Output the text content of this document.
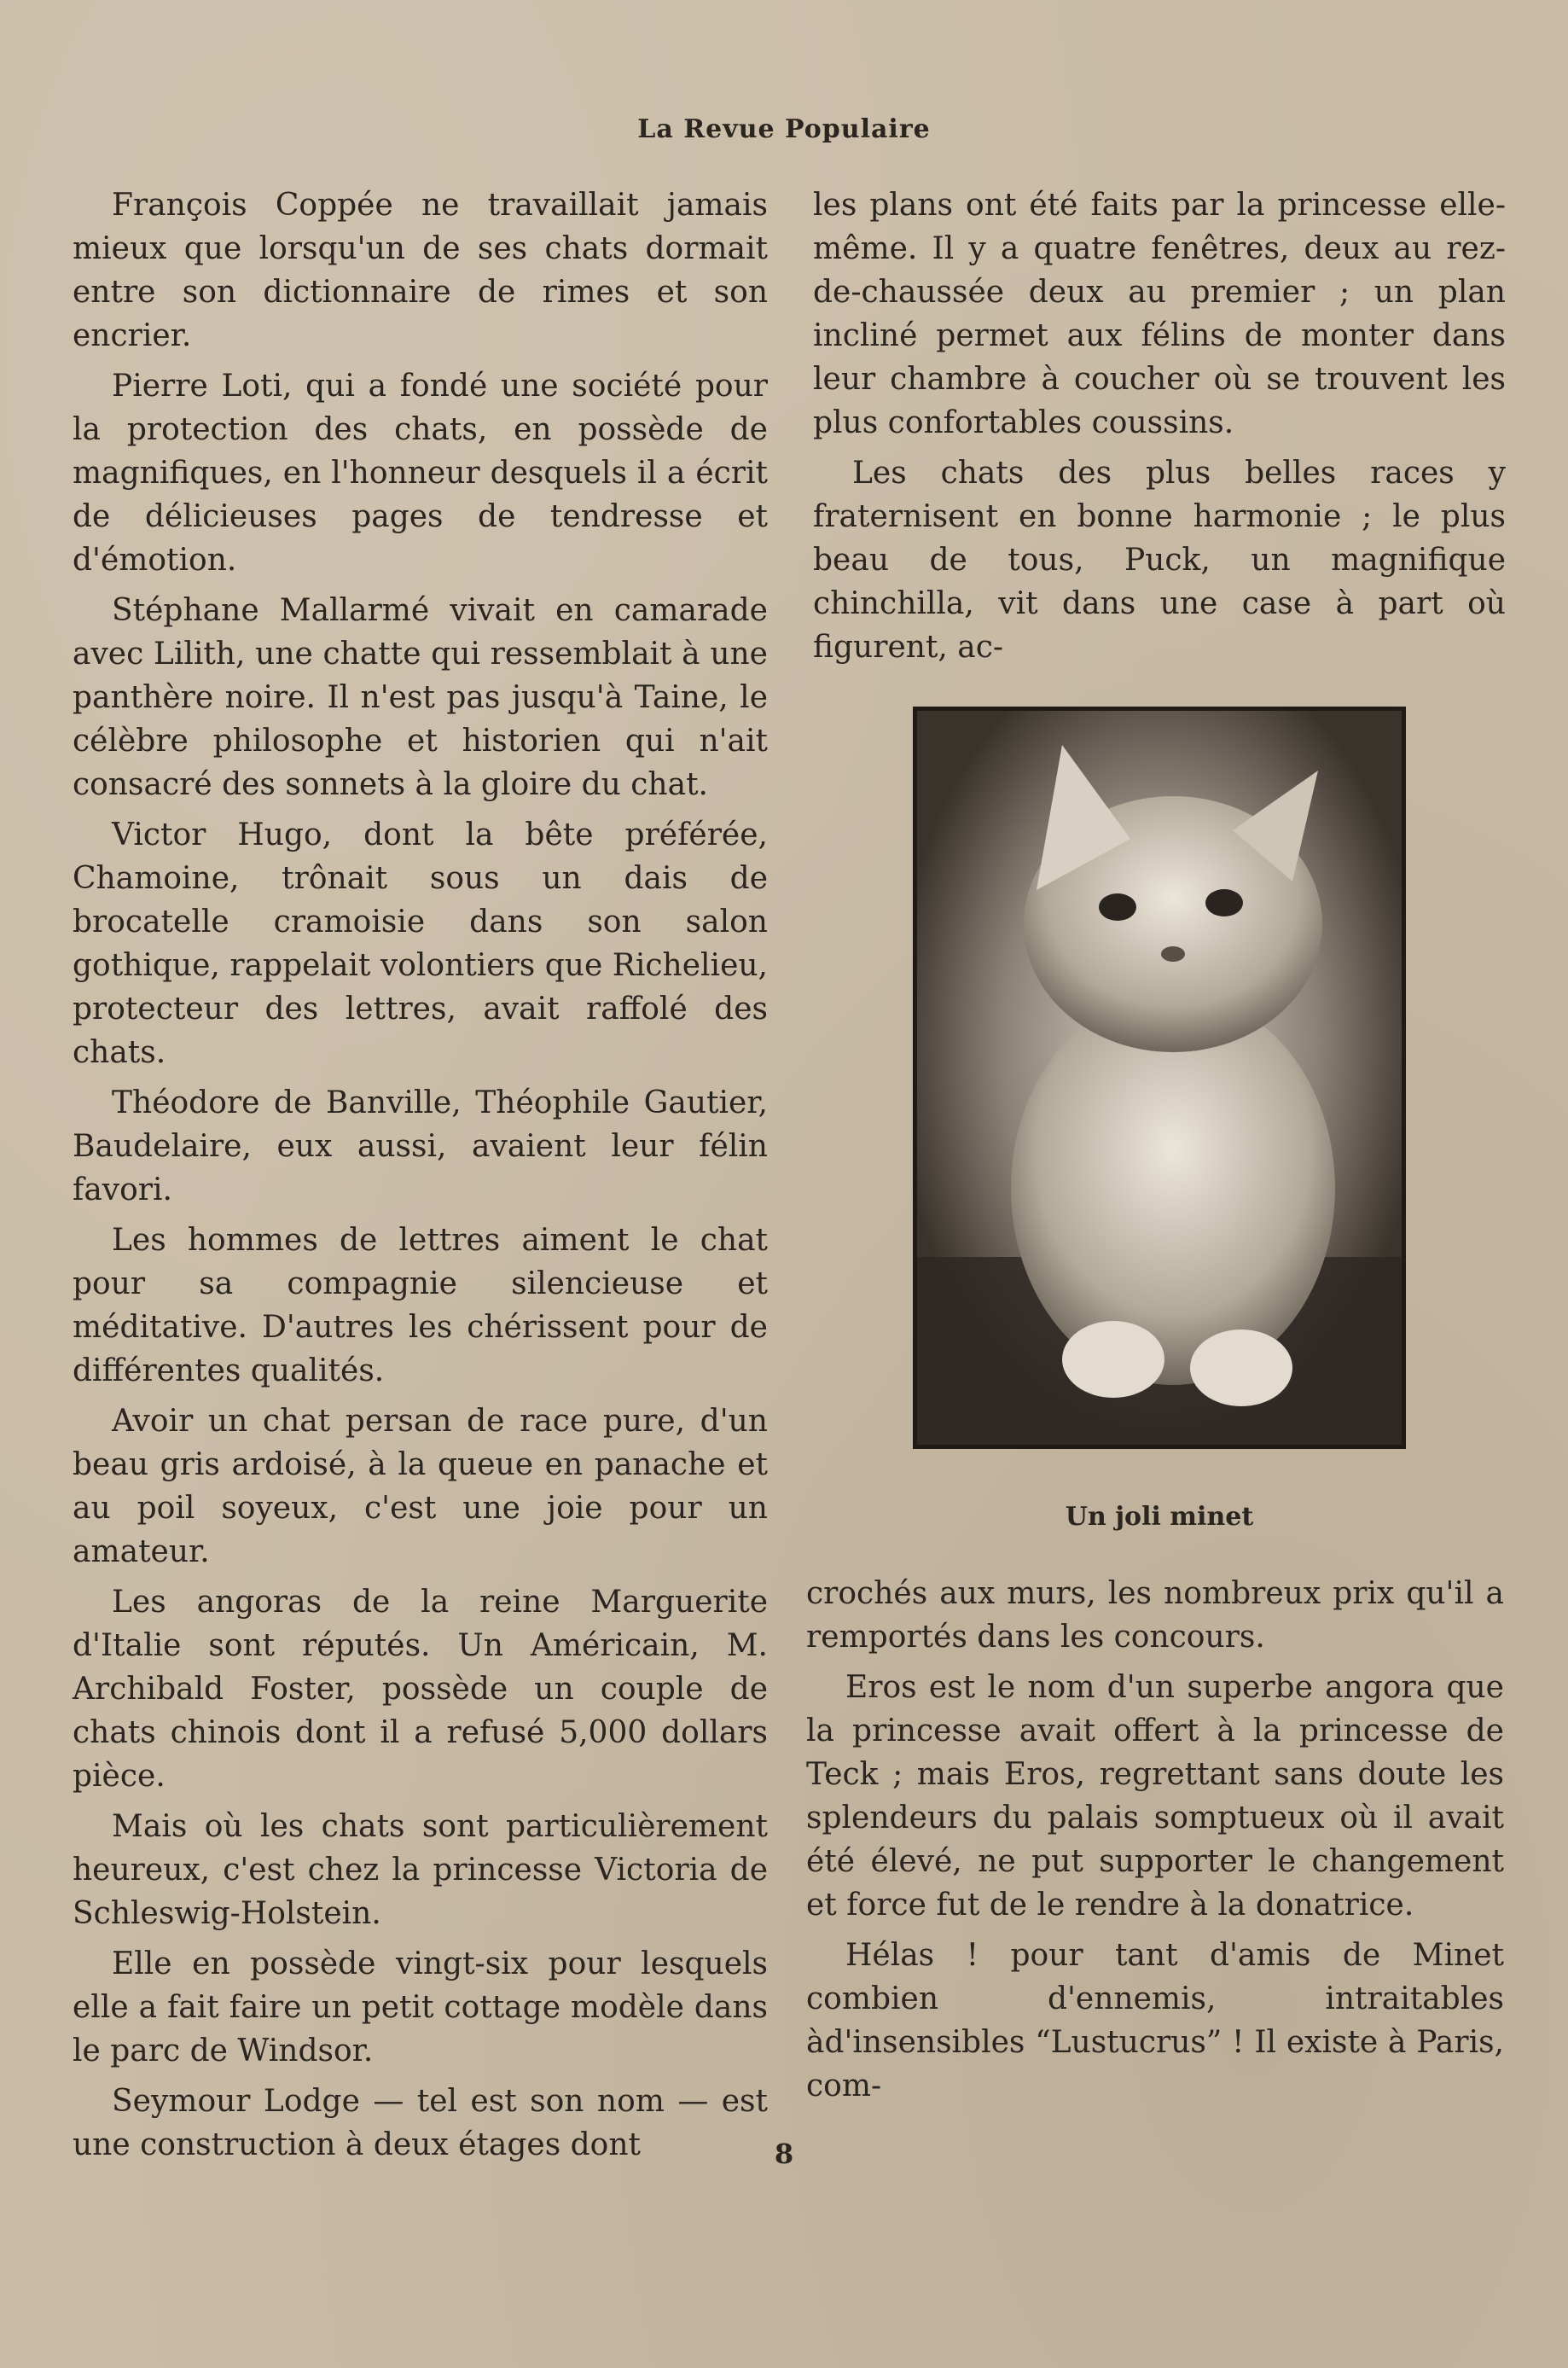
La Revue Populaire

François Coppée ne travaillait jamais mieux que lorsqu'un de ses chats dormait entre son dictionnaire de rimes et son encrier.

Pierre Loti, qui a fondé une société pour la protection des chats, en possède de magnifiques, en l'honneur desquels il a écrit de délicieuses pages de tendresse et d'émotion.

Stéphane Mallarmé vivait en camarade avec Lilith, une chatte qui ressemblait à une panthère noire. Il n'est pas jusqu'à Taine, le célèbre philosophe et historien qui n'ait consacré des sonnets à la gloire du chat.

Victor Hugo, dont la bête préférée, Chamoine, trônait sous un dais de brocatelle cramoisie dans son salon gothique, rappelait volontiers que Richelieu, protecteur des lettres, avait raffolé des chats.

Théodore de Banville, Théophile Gautier, Baudelaire, eux aussi, avaient leur félin favori.

Les hommes de lettres aiment le chat pour sa compagnie silencieuse et méditative. D'autres les chérissent pour de différentes qualités.

Avoir un chat persan de race pure, d'un beau gris ardoisé, à la queue en panache et au poil soyeux, c'est une joie pour un amateur.

Les angoras de la reine Marguerite d'Italie sont réputés. Un Américain, M. Archibald Foster, possède un couple de chats chinois dont il a refusé 5,000 dollars pièce.

Mais où les chats sont particulièrement heureux, c'est chez la princesse Victoria de Schleswig-Holstein.

Elle en possède vingt-six pour lesquels elle a fait faire un petit cottage modèle dans le parc de Windsor.

Seymour Lodge — tel est son nom — est une construction à deux étages dont

les plans ont été faits par la princesse elle-même. Il y a quatre fenêtres, deux au rez-de-chaussée deux au premier ; un plan incliné permet aux félins de monter dans leur chambre à coucher où se trouvent les plus confortables coussins.

Les chats des plus belles races y fraternisent en bonne harmonie ; le plus beau de tous, Puck, un magnifique chinchilla, vit dans une case à part où figurent, ac-

Un joli minet

crochés aux murs, les nombreux prix qu'il a remportés dans les concours.

Eros est le nom d'un superbe angora que la princesse avait offert à la princesse de Teck ; mais Eros, regrettant sans doute les splendeurs du palais somptueux où il avait été élevé, ne put supporter le changement et force fut de le rendre à la donatrice.

Hélas ! pour tant d'amis de Minet combien d'ennemis, intraitables àd'insensibles “Lustucrus” ! Il existe à Paris, com-

8
